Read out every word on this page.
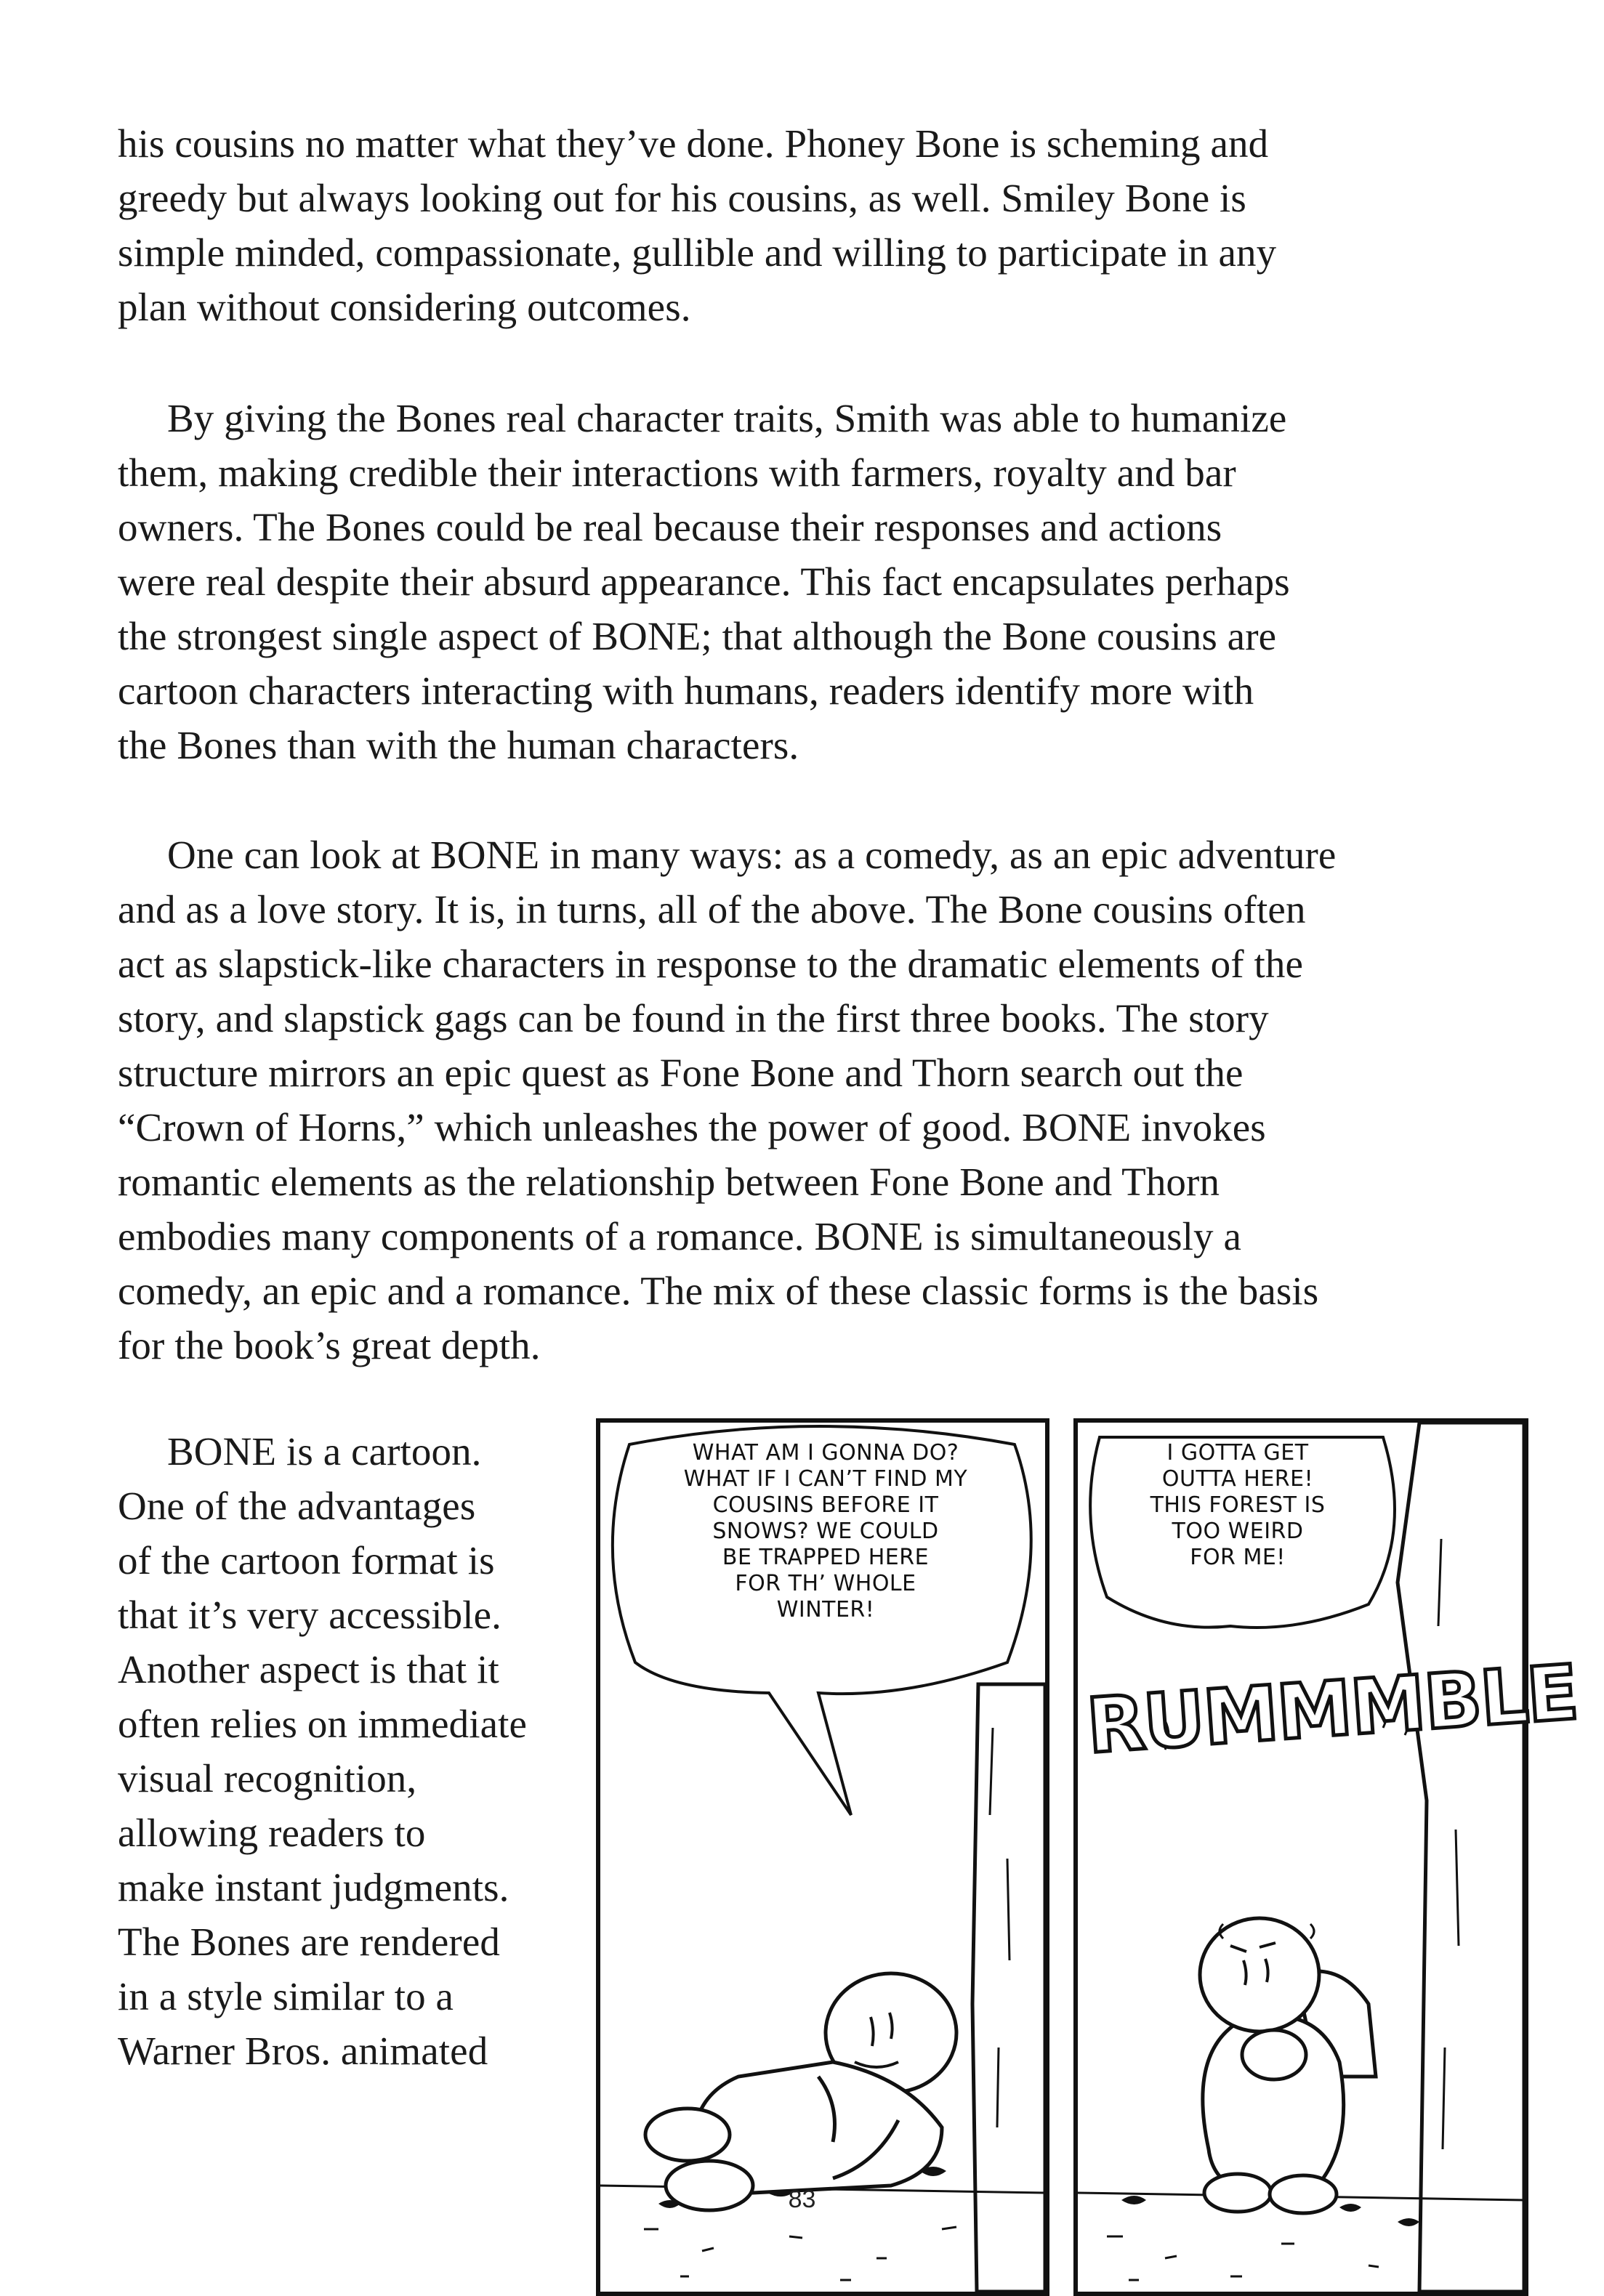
his cousins no matter what they’ve done. Phoney Bone is scheming and
greedy but always looking out for his cousins, as well. Smiley Bone is
simple minded, compassionate, gullible and willing to participate in any
plan without considering outcomes.
By giving the Bones real character traits, Smith was able to humanize
them, making credible their interactions with farmers, royalty and bar
owners. The Bones could be real because their responses and actions
were real despite their absurd appearance. This fact encapsulates perhaps
the strongest single aspect of BONE; that although the Bone cousins are
cartoon characters interacting with humans, readers identify more with
the Bones than with the human characters.
One can look at BONE in many ways: as a comedy, as an epic adventure
and as a love story. It is, in turns, all of the above. The Bone cousins often
act as slapstick-like characters in response to the dramatic elements of the
story, and slapstick gags can be found in the first three books. The story
structure mirrors an epic quest as Fone Bone and Thorn search out the
“Crown of Horns,” which unleashes the power of good. BONE invokes
romantic elements as the relationship between Fone Bone and Thorn
embodies many components of a romance. BONE is simultaneously a
comedy, an epic and a romance. The mix of these classic forms is the basis
for the book’s great depth.
BONE is a cartoon.
One of the advantages
of the cartoon format is
that it’s very accessible.
Another aspect is that it
often relies on immediate
visual recognition,
allowing readers to
make instant judgments.
The Bones are rendered
in a style similar to a
Warner Bros. animated
WHAT AM I GONNA DO?
WHAT IF I CAN’T FIND MY
COUSINS BEFORE IT
SNOWS? WE COULD
BE TRAPPED HERE
FOR TH’ WHOLE
WINTER!
I GOTTA GET
OUTTA HERE!
THIS FOREST IS
TOO WEIRD
FOR ME!
RUMMMBLE
83
